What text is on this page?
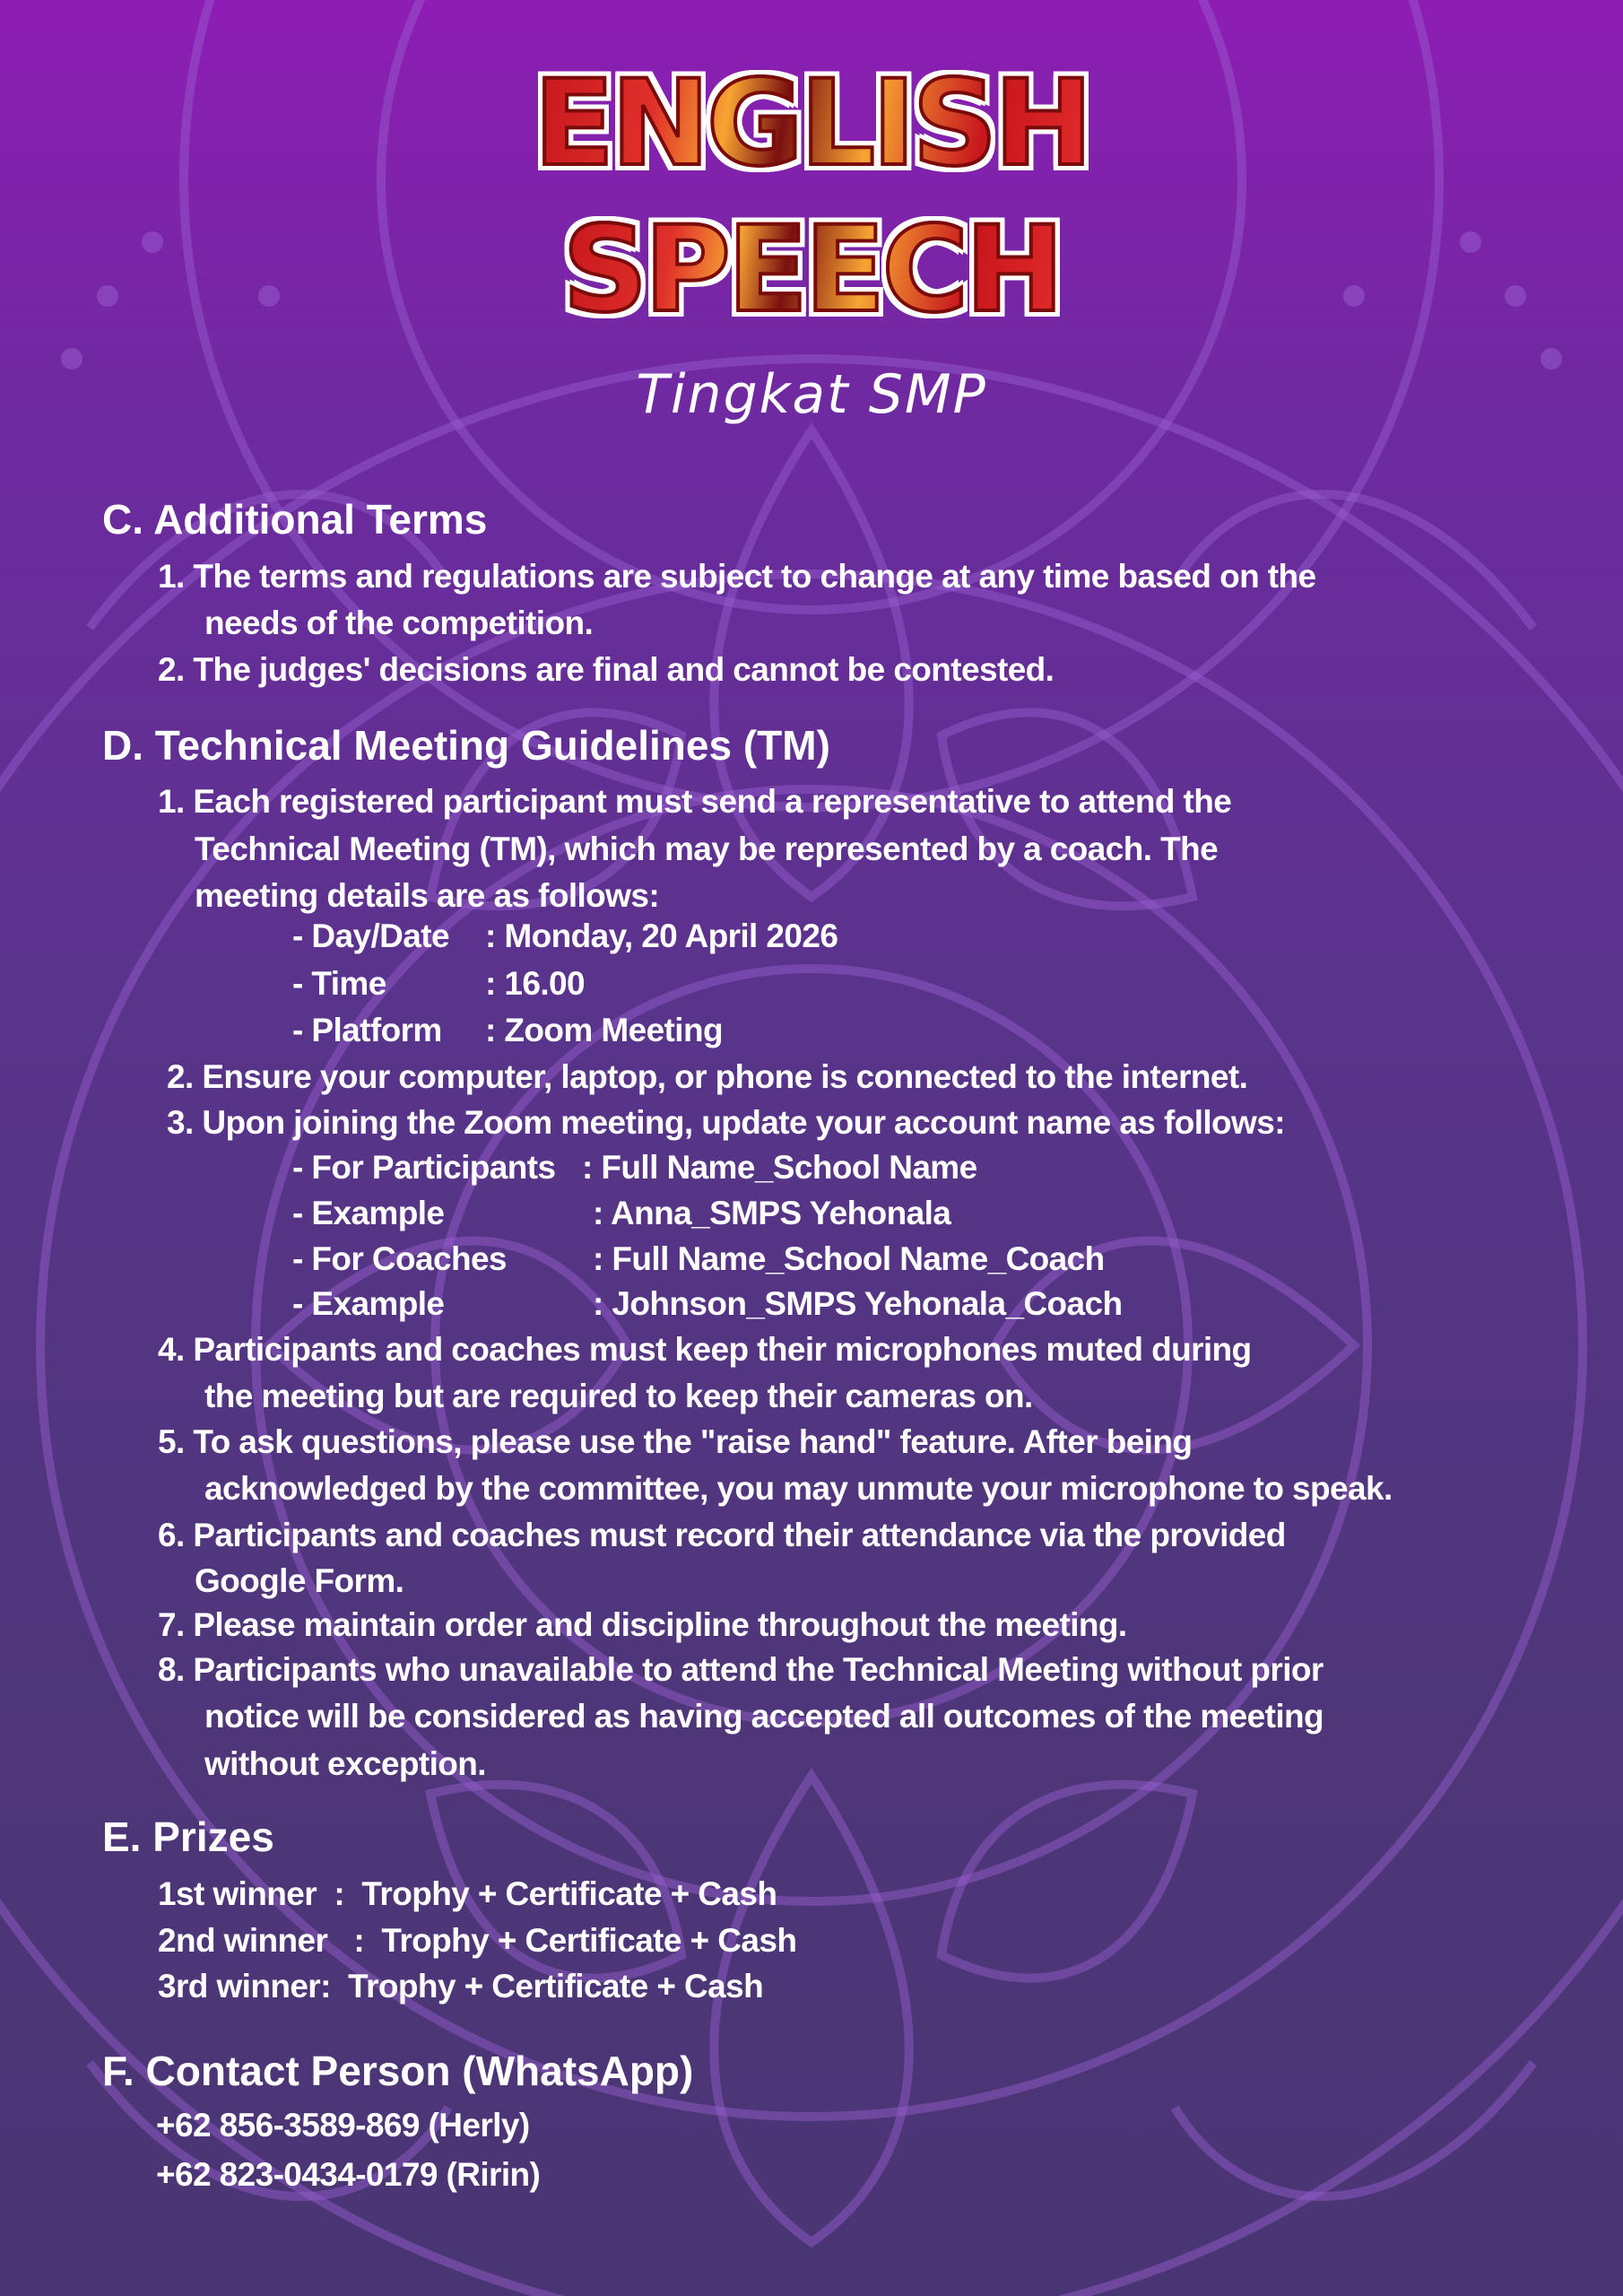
ENGLISH
SPEECH
Tingkat SMP
C. Additional Terms
1. The terms and regulations are subject to change at any time based on the
needs of the competition.
2. The judges' decisions are final and cannot be contested.
D. Technical Meeting Guidelines (TM)
1. Each registered participant must send a representative to attend the
Technical Meeting (TM), which may be represented by a coach. The
meeting details are as follows:
- Day/Date : Monday, 20 April 2026
- Time	: 16.00
- Platform : Zoom Meeting
2. Ensure your computer, laptop, or phone is connected to the internet.
3. Upon joining the Zoom meeting, update your account name as follows:
- For Participants : Full Name_School Name
- Example	: Anna_SMPS Yehonala
- For Coaches	: Full Name_School Name_Coach
- Example	: Johnson_SMPS Yehonala_Coach
4. Participants and coaches must keep their microphones muted during
the meeting but are required to keep their cameras on.
5. To ask questions, please use the "raise hand" feature. After being
acknowledged by the committee, you may unmute your microphone to speak.
6. Participants and coaches must record their attendance via the provided
Google Form.
7. Please maintain order and discipline throughout the meeting.
8. Participants who unavailable to attend the Technical Meeting without prior
notice will be considered as having accepted all outcomes of the meeting
without exception.
E. Prizes
1st winner  :  Trophy + Certificate + Cash
2nd winner   :  Trophy + Certificate + Cash
3rd winner:  Trophy + Certificate + Cash
F. Contact Person (WhatsApp)
+62 856-3589-869 (Herly)
+62 823-0434-0179 (Ririn)
